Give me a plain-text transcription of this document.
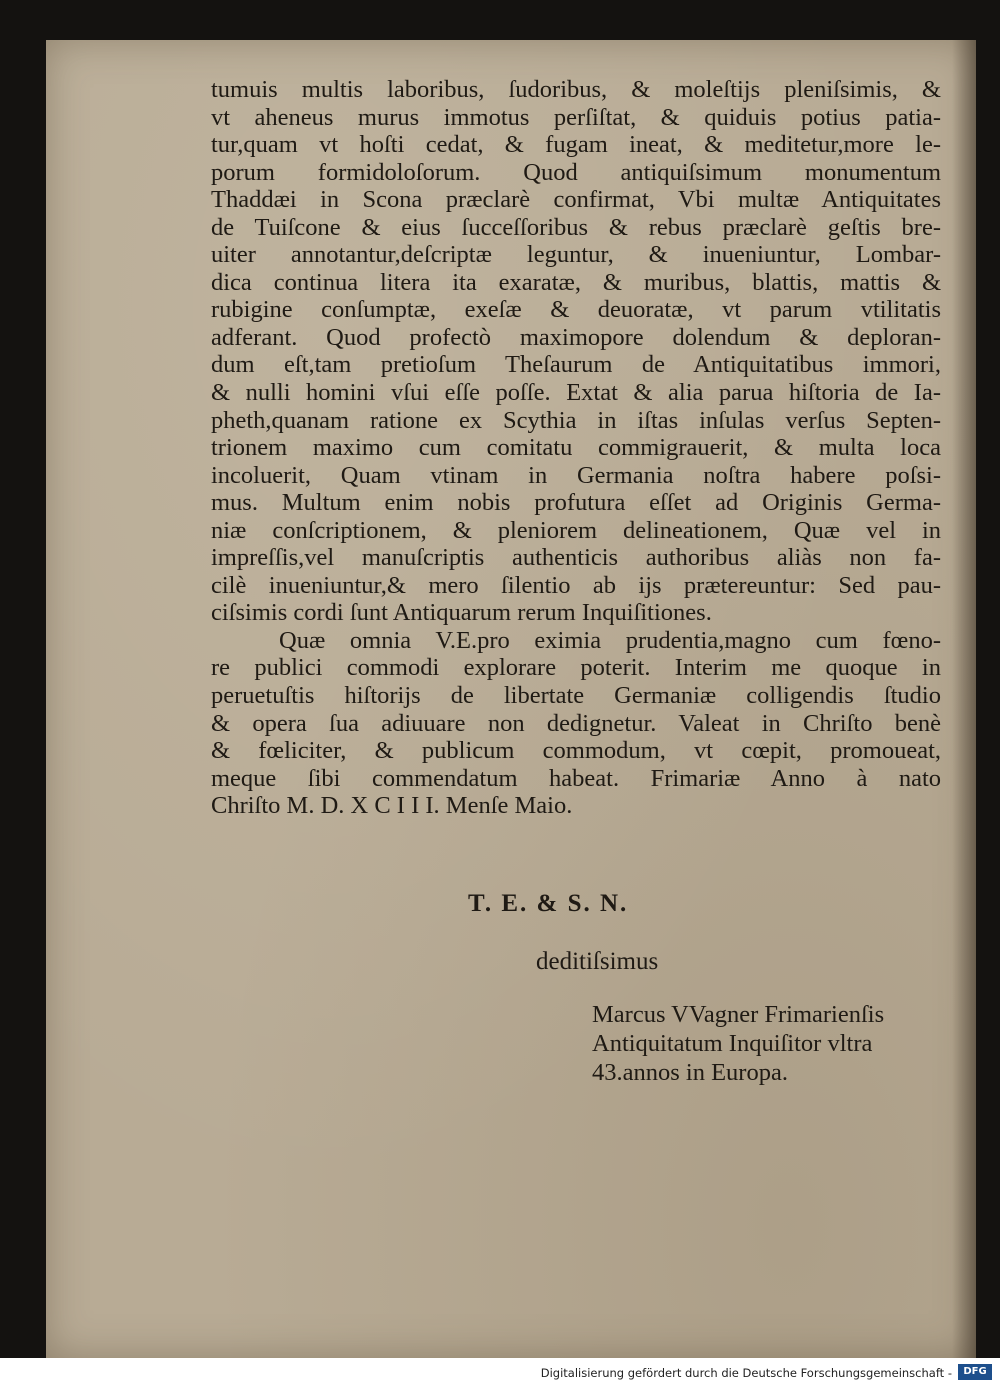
tumuis multis laboribus, ſudoribus, & moleſtijs pleniſsimis, &
vt aheneus murus immotus perſiſtat, & quiduis potius patia-
tur,quam vt hoſti cedat, & fugam ineat, & meditetur,more le-
porum formidoloſorum. Quod antiquiſsimum monumentum
Thaddæi in Scona præclarè confirmat, Vbi multæ Antiquitates
de Tuiſcone & eius ſucceſſoribus & rebus præclarè geſtis bre-
uiter annotantur,deſcriptæ leguntur, & inueniuntur, Lombar-
dica continua litera ita exaratæ, & muribus, blattis, mattis &
rubigine conſumptæ, exeſæ & deuoratæ, vt parum vtilitatis
adferant. Quod profectò maximopore dolendum & deploran-
dum eſt,tam pretioſum Theſaurum de Antiquitatibus immori,
& nulli homini vſui eſſe poſſe. Extat & alia parua hiſtoria de Ia-
pheth,quanam ratione ex Scythia in iſtas inſulas verſus Septen-
trionem maximo cum comitatu commigrauerit, & multa loca
incoluerit, Quam vtinam in Germania noſtra habere poſsi-
mus. Multum enim nobis profutura eſſet ad Originis Germa-
niæ conſcriptionem, & pleniorem delineationem, Quæ vel in
impreſſis,vel manuſcriptis authenticis authoribus aliàs non fa-
cilè inueniuntur,& mero ſilentio ab ijs prætereuntur: Sed pau-
ciſsimis cordi ſunt Antiquarum rerum Inquiſitiones.
Quæ omnia V.E.pro eximia prudentia,magno cum fœno-
re publici commodi explorare poterit. Interim me quoque in
peruetuſtis hiſtorijs de libertate Germaniæ colligendis ſtudio
& opera ſua adiuuare non dedignetur. Valeat in Chriſto benè
& fœliciter, & publicum commodum, vt cœpit, promoueat,
meque ſibi commendatum habeat. Frimariæ Anno à nato
Chriſto M. D. X C I I I. Menſe Maio.
T. E. & S. N.
deditiſsimus
Marcus VVagner Frimarienſis
Antiquitatum Inquiſitor vltra
43.annos in Europa.
Digitalisierung gefördert durch die Deutsche Forschungsgemeinschaft -	DFG
